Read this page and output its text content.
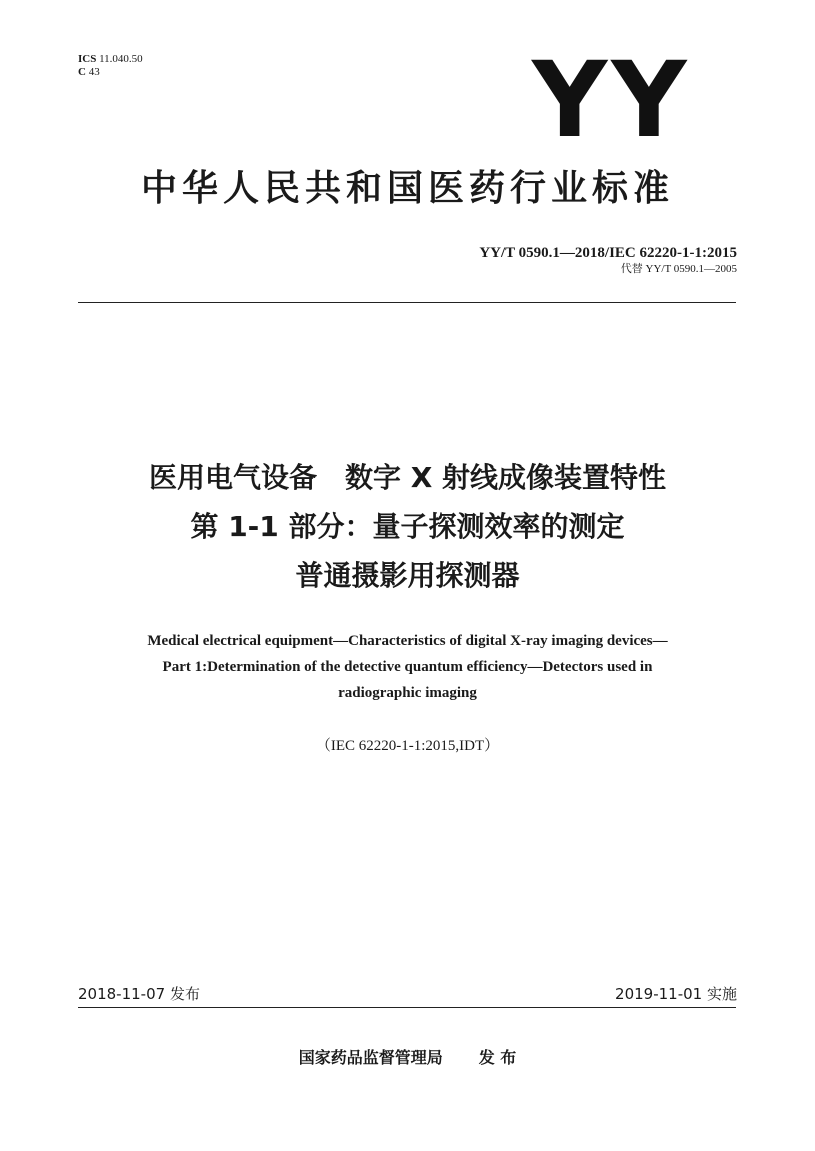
ICS 11.040.50
C 43	YY
中华人民共和国医药行业标准
YY/T 0590.1—2018/IEC 62220-1-1:2015
代替 YY/T 0590.1—2005
医用电气设备　数字 X 射线成像装置特性
第 1-1 部分：量子探测效率的测定
普通摄影用探测器
Medical electrical equipment—Characteristics of digital X-ray imaging devices—
Part 1:Determination of the detective quantum efficiency—Detectors used in
radiographic imaging
（IEC 62220-1-1:2015,IDT）
2018-11-07 发布	2019-11-01 实施
国家药品监督管理局 发 布
